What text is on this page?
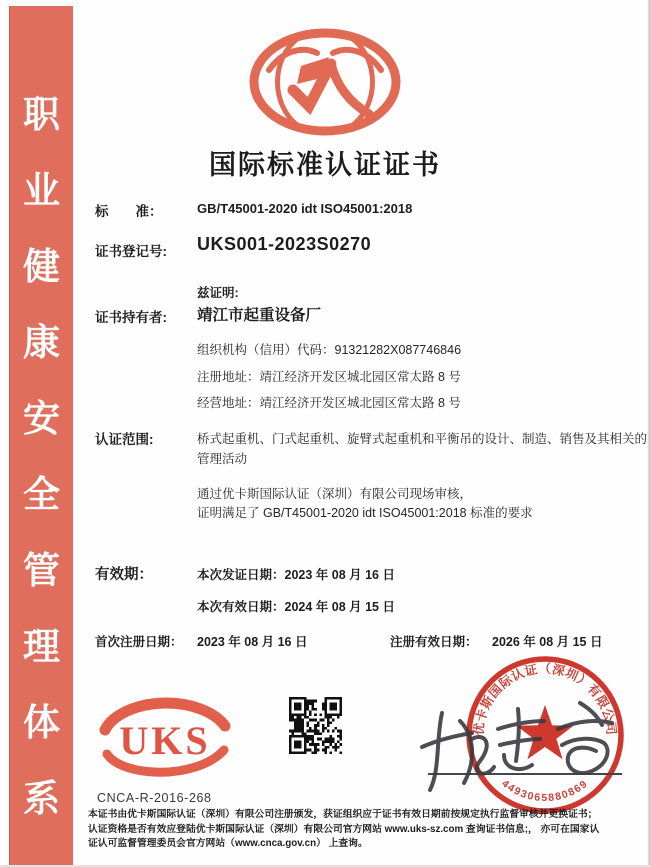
职
业
健
康
安
全
管
理
体
系
国际标准认证证书
标　　准：	GB/T45001-2020 idt ISO45001:2018
证书登记号: UKS001-2023S0270
兹证明:
证书持有者: 靖江市起重设备厂
组织机构（信用）代码：91321282X087746846
注册地址：靖江经济开发区城北园区常太路 8 号
经营地址：靖江经济开发区城北园区常太路 8 号
认证范围:	桥式起重机、门式起重机、旋臂式起重机和平衡吊的设计、制造、销售及其相关的管理活动
通过优卡斯国际认证（深圳）有限公司现场审核，
证明满足了 GB/T45001-2020 idt ISO45001:2018 标准的要求
有效期：	本次发证日期：2023 年 08 月 16 日
本次有效日期：2024 年 08 月 15 日
首次注册日期： 2023 年 08 月 16 日	注册有效日期： 2026 年 08 月 15 日
UKS
CNCA-R-2016-268
优卡斯国际认证（深圳）有限公司
4493065880869
本证书由优卡斯国际认证（深圳）有限公司注册颁发，获证组织应于证书有效日期前按规定执行监督审核并更换证书；
认证资格是否有效应登陆优卡斯国际认证（深圳）有限公司官方网站 www.uks-sz.com 查询证书信息;， 亦可在国家认
证认可监督管理委员会官方网站（www.cnca.gov.cn） 上查询。
